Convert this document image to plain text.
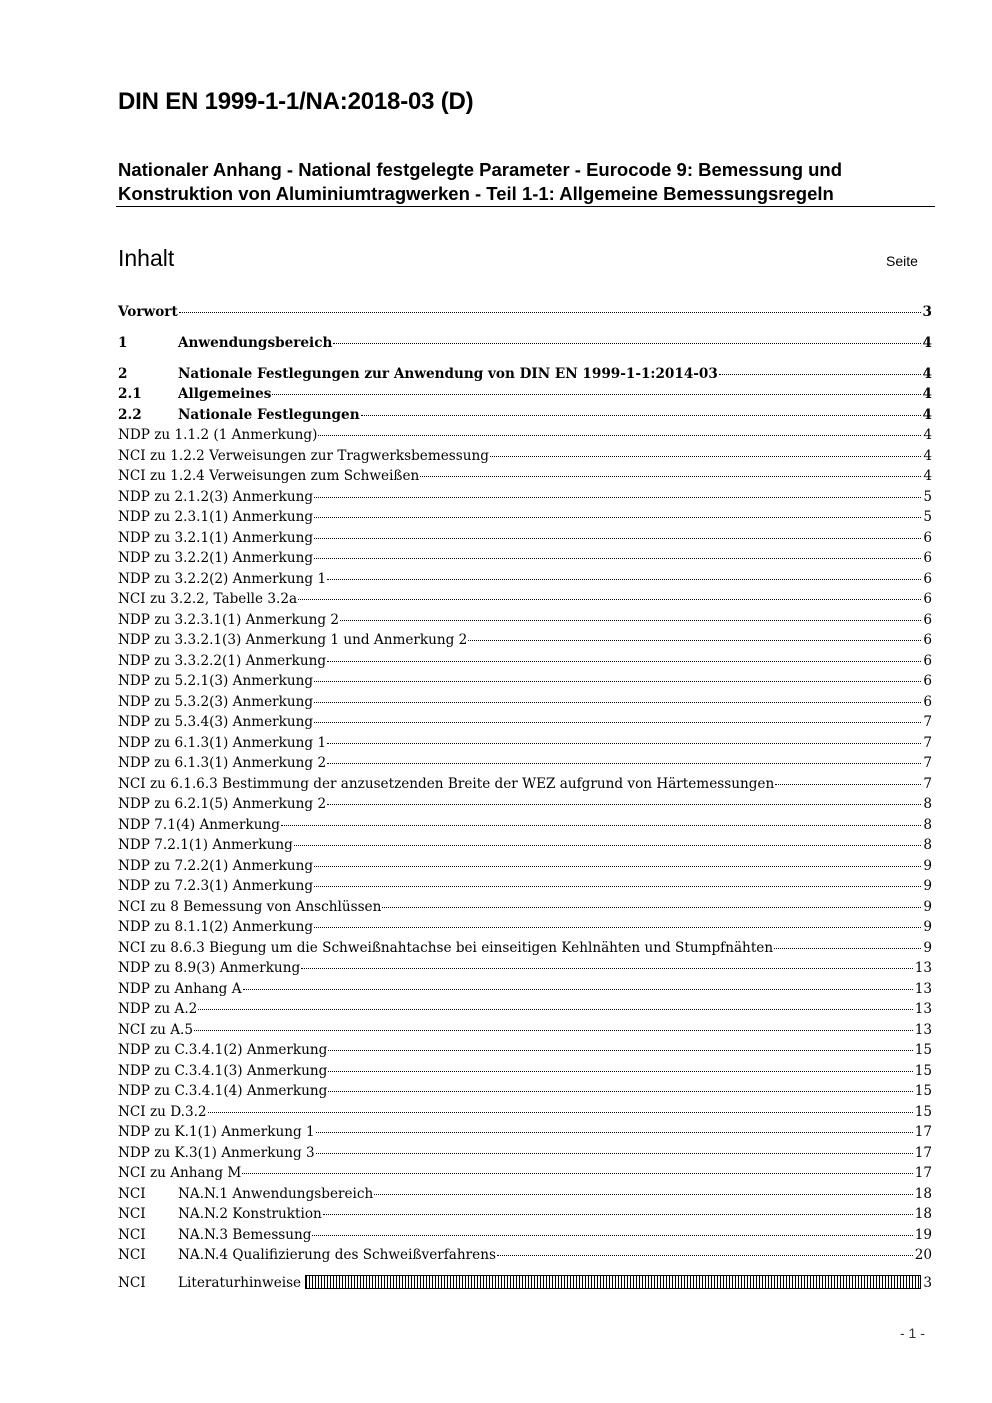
DIN EN 1999-1-1/NA:2018-03 (D)
Nationaler Anhang - National festgelegte Parameter - Eurocode 9: Bemessung und Konstruktion von Aluminiumtragwerken - Teil 1-1: Allgemeine Bemessungsregeln
Inhalt	Seite
Vorwort	3
1	Anwendungsbereich	4
2	Nationale Festlegungen zur Anwendung von DIN EN 1999-1-1:2014-03	4
2.1	Allgemeines	4
2.2	Nationale Festlegungen	4
NDP zu 1.1.2 (1 Anmerkung)	4
NCI zu 1.2.2 Verweisungen zur Tragwerksbemessung	4
NCI zu 1.2.4 Verweisungen zum Schweißen	4
NDP zu 2.1.2(3) Anmerkung	5
NDP zu 2.3.1(1) Anmerkung	5
NDP zu 3.2.1(1) Anmerkung	6
NDP zu 3.2.2(1) Anmerkung	6
NDP zu 3.2.2(2) Anmerkung 1	6
NCI zu 3.2.2, Tabelle 3.2a	6
NDP zu 3.2.3.1(1) Anmerkung 2	6
NDP zu 3.3.2.1(3) Anmerkung 1 und Anmerkung 2	6
NDP zu 3.3.2.2(1) Anmerkung	6
NDP zu 5.2.1(3) Anmerkung	6
NDP zu 5.3.2(3) Anmerkung	6
NDP zu 5.3.4(3) Anmerkung	7
NDP zu 6.1.3(1) Anmerkung 1	7
NDP zu 6.1.3(1) Anmerkung 2	7
NCI zu 6.1.6.3 Bestimmung der anzusetzenden Breite der WEZ aufgrund von Härtemessungen	7
NDP zu 6.2.1(5) Anmerkung 2	8
NDP 7.1(4) Anmerkung	8
NDP 7.2.1(1) Anmerkung	8
NDP zu 7.2.2(1) Anmerkung	9
NDP zu 7.2.3(1) Anmerkung	9
NCI zu 8 Bemessung von Anschlüssen	9
NDP zu 8.1.1(2) Anmerkung	9
NCI zu 8.6.3 Biegung um die Schweißnahtachse bei einseitigen Kehlnähten und Stumpfnähten	9
NDP zu 8.9(3) Anmerkung	13
NDP zu Anhang A	13
NDP zu A.2	13
NCI zu A.5	13
NDP zu C.3.4.1(2) Anmerkung	15
NDP zu C.3.4.1(3) Anmerkung	15
NDP zu C.3.4.1(4) Anmerkung	15
NCI zu D.3.2	15
NDP zu K.1(1) Anmerkung 1	17
NDP zu K.3(1) Anmerkung 3	17
NCI zu Anhang M	17
NCI	NA.N.1 Anwendungsbereich	18
NCI	NA.N.2 Konstruktion	18
NCI	NA.N.3 Bemessung	19
NCI	NA.N.4 Qualifizierung des Schweißverfahrens	20
NCI	Literaturhinweise	3
- 1 -
